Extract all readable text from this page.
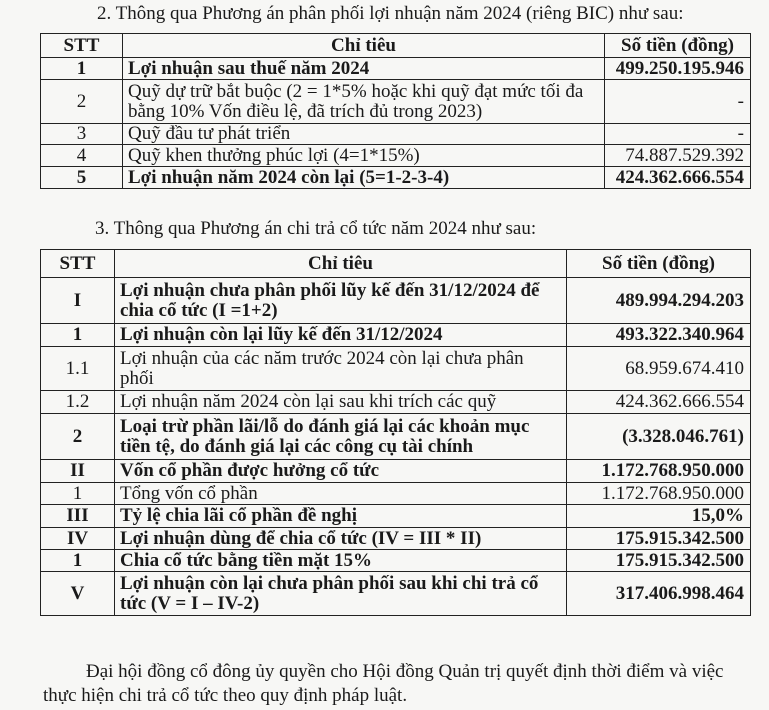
2. Thông qua Phương án phân phối lợi nhuận năm 2024 (riêng BIC) như sau:
STT	Chỉ tiêu	Số tiền (đồng)
1	Lợi nhuận sau thuế năm 2024	499.250.195.946
2	Quỹ dự trữ bắt buộc (2 = 1*5% hoặc khi quỹ đạt mức tối đa bằng 10% Vốn điều lệ, đã trích đủ trong 2023)	-
3	Quỹ đầu tư phát triển	-
4	Quỹ khen thưởng phúc lợi (4=1*15%)	74.887.529.392
5	Lợi nhuận năm 2024 còn lại (5=1-2-3-4)	424.362.666.554
3. Thông qua Phương án chi trả cổ tức năm 2024 như sau:
STT	Chỉ tiêu	Số tiền (đồng)
I	Lợi nhuận chưa phân phối lũy kế đến 31/12/2024 để chia cổ tức (I =1+2)	489.994.294.203
1	Lợi nhuận còn lại lũy kế đến 31/12/2024	493.322.340.964
1.1	Lợi nhuận của các năm trước 2024 còn lại chưa phân phối	68.959.674.410
1.2	Lợi nhuận năm 2024 còn lại sau khi trích các quỹ	424.362.666.554
2	Loại trừ phần lãi/lỗ do đánh giá lại các khoản mục tiền tệ, do đánh giá lại các công cụ tài chính	(3.328.046.761)
II	Vốn cổ phần được hưởng cổ tức	1.172.768.950.000
1	Tổng vốn cổ phần	1.172.768.950.000
III	Tỷ lệ chia lãi cổ phần đề nghị	15,0%
IV	Lợi nhuận dùng để chia cổ tức (IV = III * II)	175.915.342.500
1	Chia cổ tức bằng tiền mặt 15%	175.915.342.500
V	Lợi nhuận còn lại chưa phân phối sau khi chi trả cổ tức (V = I – IV-2)	317.406.998.464
Đại hội đồng cổ đông ủy quyền cho Hội đồng Quản trị quyết định thời điểm và việc thực hiện chi trả cổ tức theo quy định pháp luật.
